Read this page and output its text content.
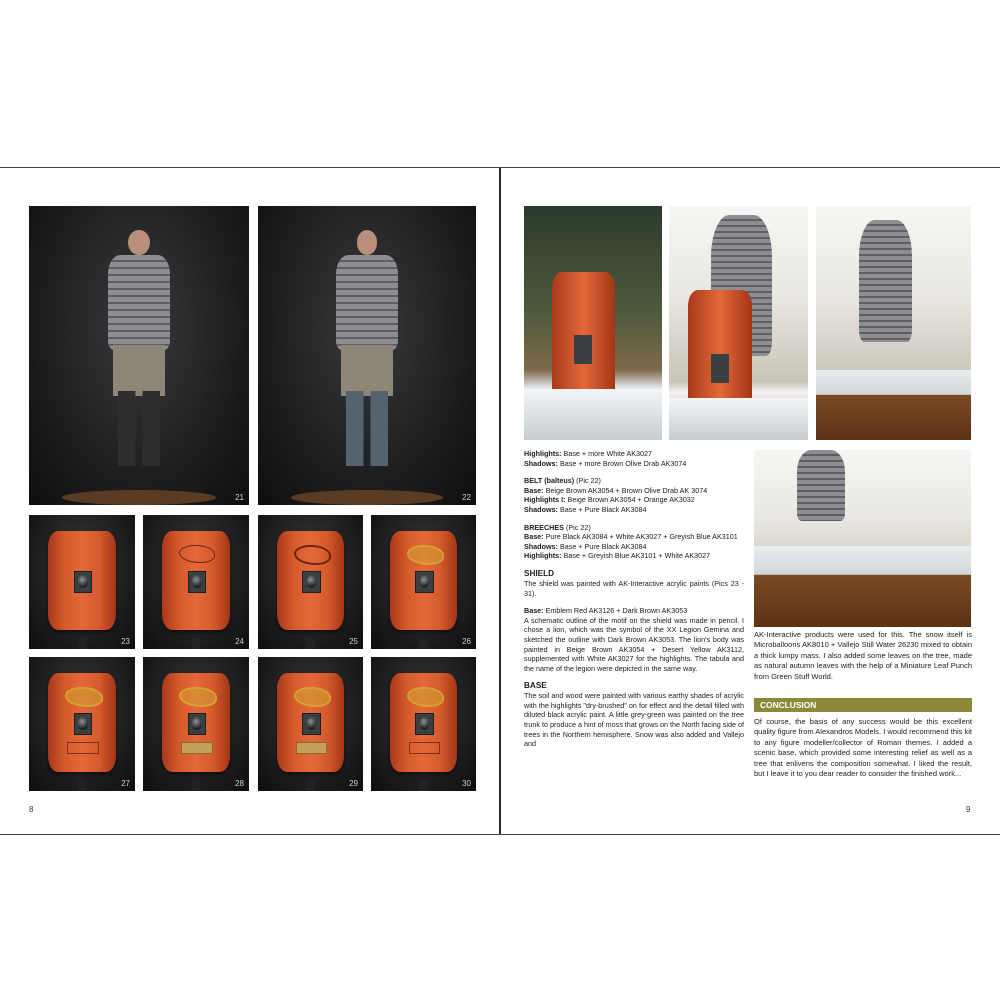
21	22
23	24	25	26
27	28	29	30
8
Highlights: Base + more White AK3027
Shadows: Base + more Brown Olive Drab AK3074
BELT (balteus) (Pic 22)
Base: Beige Brown AK3054 + Brown Olive Drab AK 3074
Highlights I: Beige Brown AK3054 + Orange AK3032
Shadows: Base + Pure Black AK3084
BREECHES (Pic 22)
Base: Pure Black AK3084 + White AK3027 + Greyish Blue AK3101
Shadows: Base + Pure Black AK3084
Highlights: Base + Greyish Blue AK3101 + White AK3027

SHIELD

The shield was painted with AK-Interactive acrylic paints (Pics 23 - 31).

Base: Emblem Red AK3126 + Dark Brown AK3053
A schematic outline of the motif on the shield was made in pencil. I chose a lion, which was the symbol of the XX Legion Gemina and sketched the outline with Dark Brown AK3053. The lion's body was painted in Beige Brown AK3054 + Desert Yellow AK3112, supplemented with White AK3027 for the highlights. The tabula and the name of the legion were depicted in the same way.

BASE

The soil and wood were painted with various earthy shades of acrylic with the highlights "dry-brushed" on for effect and the detail filled with diluted black acrylic paint. A little grey-green was painted on the tree trunk to produce a hint of moss that grows on the North facing side of trees in the Northern hemisphere. Snow was also added and Vallejo and

AK-Interactive products were used for this. The snow itself is Microballoons AK8010 + Vallejo Still Water 26230 mixed to obtain a thick lumpy mass. I also added some leaves on the tree, made as natural autumn leaves with the help of a Miniature Leaf Punch from Green Stuff World.

CONCLUSION
Of course, the basis of any success would be this excellent quality figure from Alexandros Models. I would recommend this kit to any figure modeller/collector of Roman themes. I added a scenic base, which provided some interesting relief as well as a tree that enlivens the composition somewhat. I liked the result, but I leave it to you dear reader to consider the finished work...
9
